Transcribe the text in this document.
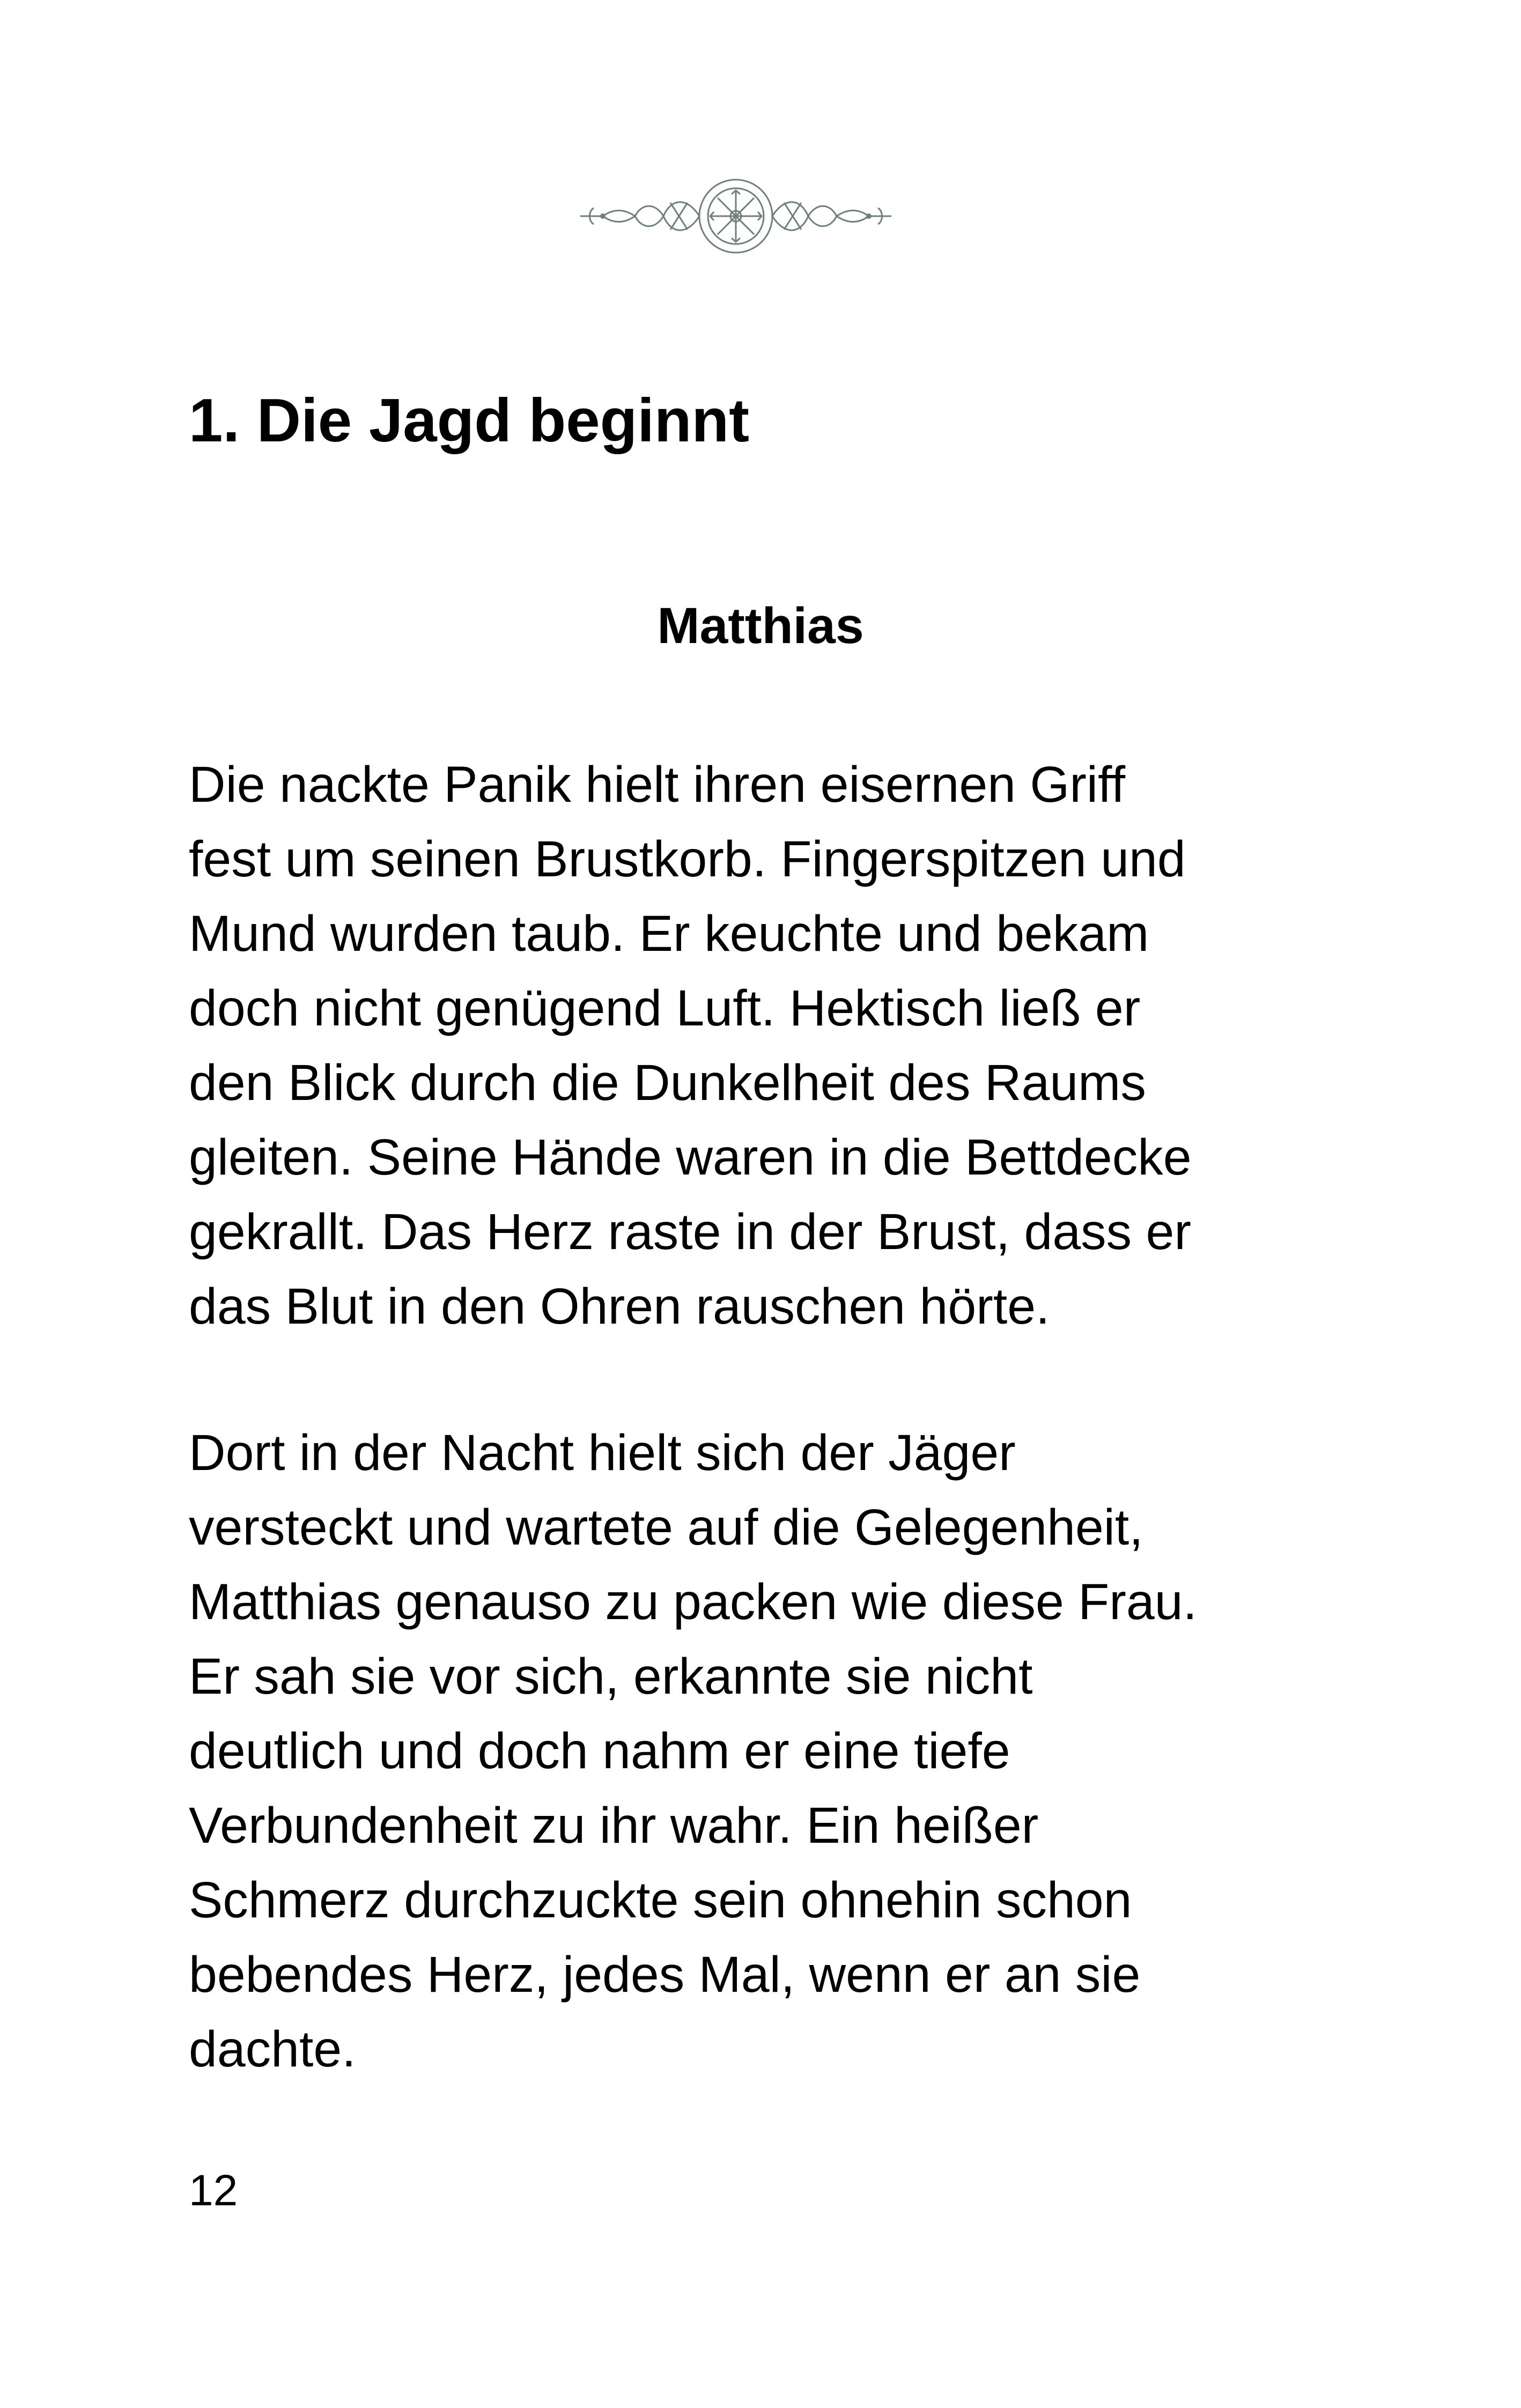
1. Die Jagd beginnt
Matthias

Die nackte Panik hielt ihren eisernen Griff
fest um seinen Brustkorb. Fingerspitzen und
Mund wurden taub. Er keuchte und bekam
doch nicht genügend Luft. Hektisch ließ er
den Blick durch die Dunkelheit des Raums
gleiten. Seine Hände waren in die Bettdecke
gekrallt. Das Herz raste in der Brust, dass er
das Blut in den Ohren rauschen hörte.

Dort in der Nacht hielt sich der Jäger
versteckt und wartete auf die Gelegenheit,
Matthias genauso zu packen wie diese Frau.
Er sah sie vor sich, erkannte sie nicht
deutlich und doch nahm er eine tiefe
Verbundenheit zu ihr wahr. Ein heißer
Schmerz durchzuckte sein ohnehin schon
bebendes Herz, jedes Mal, wenn er an sie
dachte.

12
